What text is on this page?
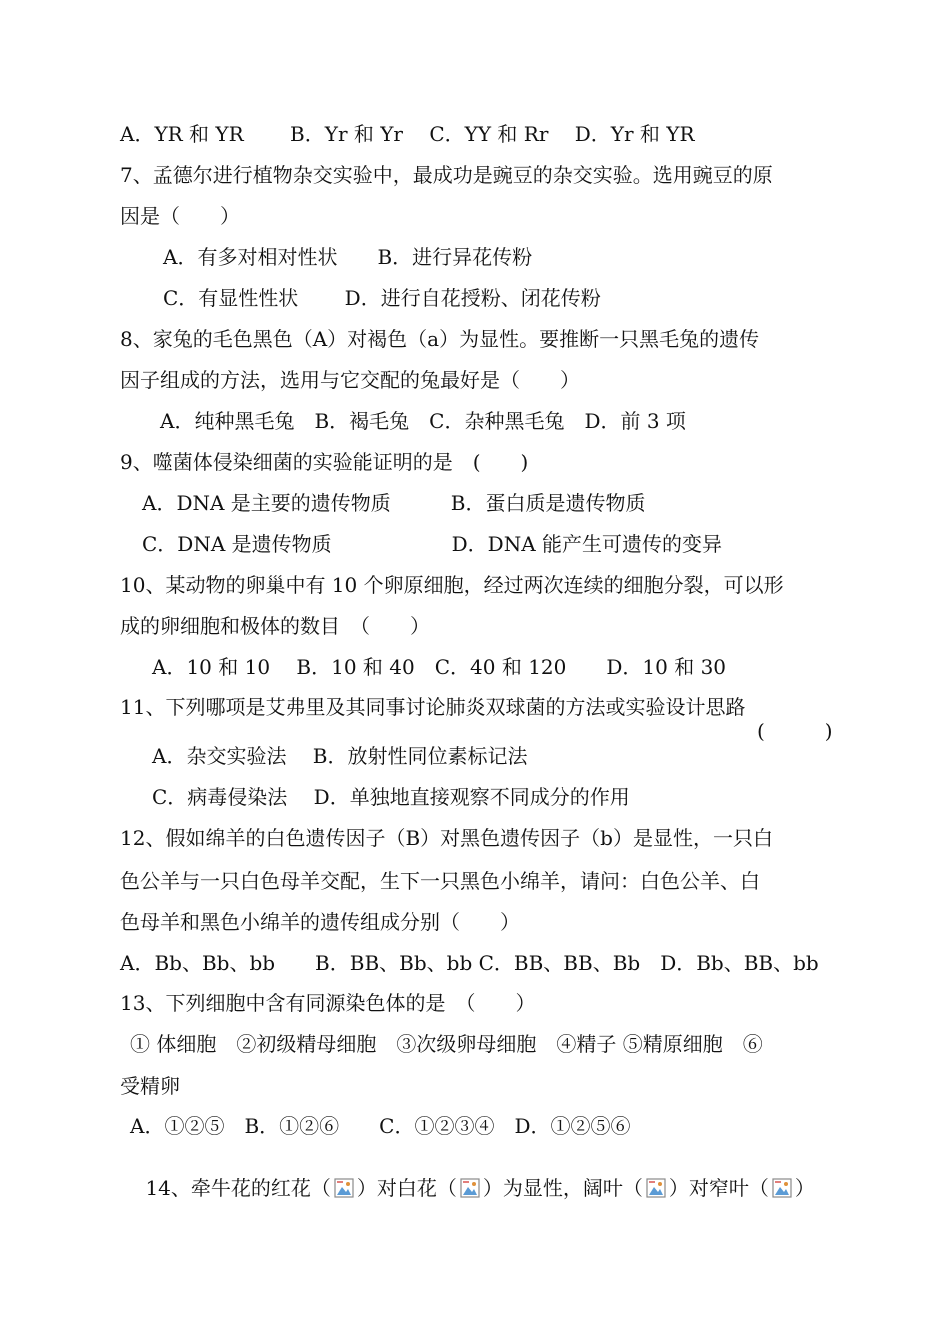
A．YR 和 YR　　 B．Yr 和 Yr　 C．YY 和 Rr　 D．Yr 和 YR
7、孟德尔进行植物杂交实验中，最成功是豌豆的杂交实验。选用豌豆的原
因是（　　）
A．有多对相对性状　　B．进行异花传粉
C．有显性性状　　 D．进行自花授粉、闭花传粉
8、家兔的毛色黑色（A）对褐色（a）为显性。要推断一只黑毛兔的遗传
因子组成的方法，选用与它交配的兔最好是（　　）
A．纯种黑毛兔　B．褐毛兔　C．杂种黑毛兔　D．前 3 项
9、噬菌体侵染细菌的实验能证明的是　(　　)
A．DNA 是主要的遗传物质　　　B．蛋白质是遗传物质
C．DNA 是遗传物质　　　　　　D．DNA 能产生可遗传的变异
10、某动物的卵巢中有 10 个卵原细胞，经过两次连续的细胞分裂，可以形
成的卵细胞和极体的数目　（　　）
A．10 和 10　 B．10 和 40　C．40 和 120　　D．10 和 30
11、下列哪项是艾弗里及其同事讨论肺炎双球菌的方法或实验设计思路
(　　　)
A．杂交实验法　 B．放射性同位素标记法
C．病毒侵染法　 D．单独地直接观察不同成分的作用
12、假如绵羊的白色遗传因子（B）对黑色遗传因子（b）是显性，一只白
色公羊与一只白色母羊交配，生下一只黑色小绵羊，请问：白色公羊、白
色母羊和黑色小绵羊的遗传组成分别（　　）
A．Bb、Bb、bb　　B．BB、Bb、bb C．BB、BB、Bb　D．Bb、BB、bb
13、下列细胞中含有同源染色体的是　（　　）
① 体细胞　②初级精母细胞　③次级卵母细胞　④精子 ⑤精原细胞　⑥
受精卵
A．①②⑤　B．①②⑥　　C．①②③④　D．①②⑤⑥

14、牵牛花的红花（ ）对白花（ ）为显性，阔叶（ ）对窄叶（ ）
